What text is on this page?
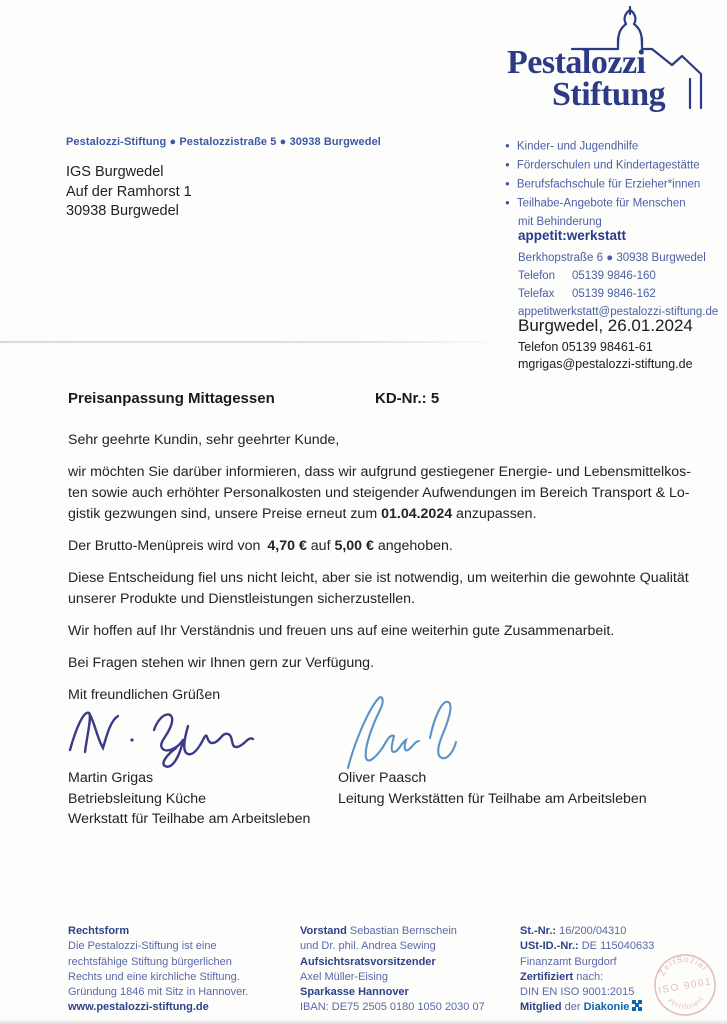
Pestalozzi
Stiftung
Pestalozzi-Stiftung ● Pestalozzistraße 5 ● 30938 Burgwedel
IGS Burgwedel
Auf der Ramhorst 1
30938 Burgwedel
● Kinder- und Jugendhilfe
● Förderschulen und Kindertagestätte
● Berufsfachschule für Erzieher*innen
● Teilhabe-Angebote für Menschen
mit Behinderung
appetit:werkstatt
Berkhopstraße 6 ● 30938 Burgwedel
Telefon 05139 9846-160
Telefax 05139 9846-162
appetitwerkstatt@pestalozzi-stiftung.de
Burgwedel, 26.01.2024
Telefon 05139 98461-61
mgrigas@pestalozzi-stiftung.de
Preisanpassung Mittagessen	KD-Nr.: 5
Sehr geehrte Kundin, sehr geehrter Kunde,
wir möchten Sie darüber informieren, dass wir aufgrund gestiegener Energie- und Lebensmittelkos-
ten sowie auch erhöhter Personalkosten und steigender Aufwendungen im Bereich Transport & Lo-
gistik gezwungen sind, unsere Preise erneut zum 01.04.2024 anzupassen.
Der Brutto-Menüpreis wird von 4,70 € auf 5,00 € angehoben.
Diese Entscheidung fiel uns nicht leicht, aber sie ist notwendig, um weiterhin die gewohnte Qualität
unserer Produkte und Dienstleistungen sicherzustellen.
Wir hoffen auf Ihr Verständnis und freuen uns auf eine weiterhin gute Zusammenarbeit.
Bei Fragen stehen wir Ihnen gern zur Verfügung.
Mit freundlichen Grüßen
Martin Grigas
Betriebsleitung Küche
Werkstatt für Teilhabe am Arbeitsleben
Oliver Paasch
Leitung Werkstätten für Teilhabe am Arbeitsleben
Rechtsform
Die Pestalozzi-Stiftung ist eine
rechtsfähige Stiftung bürgerlichen
Rechts und eine kirchliche Stiftung.
Gründung 1846 mit Sitz in Hannover.
www.pestalozzi-stiftung.de
Vorstand Sebastian Bernschein
und Dr. phil. Andrea Sewing
Aufsichtsratsvorsitzender
Axel Müller-Eising
Sparkasse Hannover
IBAN: DE75 2505 0180 1050 2030 07
St.-Nr.: 16/200/04310
USt-ID.-Nr.: DE 115040633
Finanzamt Burgdorf
Zertifiziert nach:
DIN EN ISO 9001:2015
Mitglied der Diakonie
ZertSozial
ISO 9001
zertifiziert
